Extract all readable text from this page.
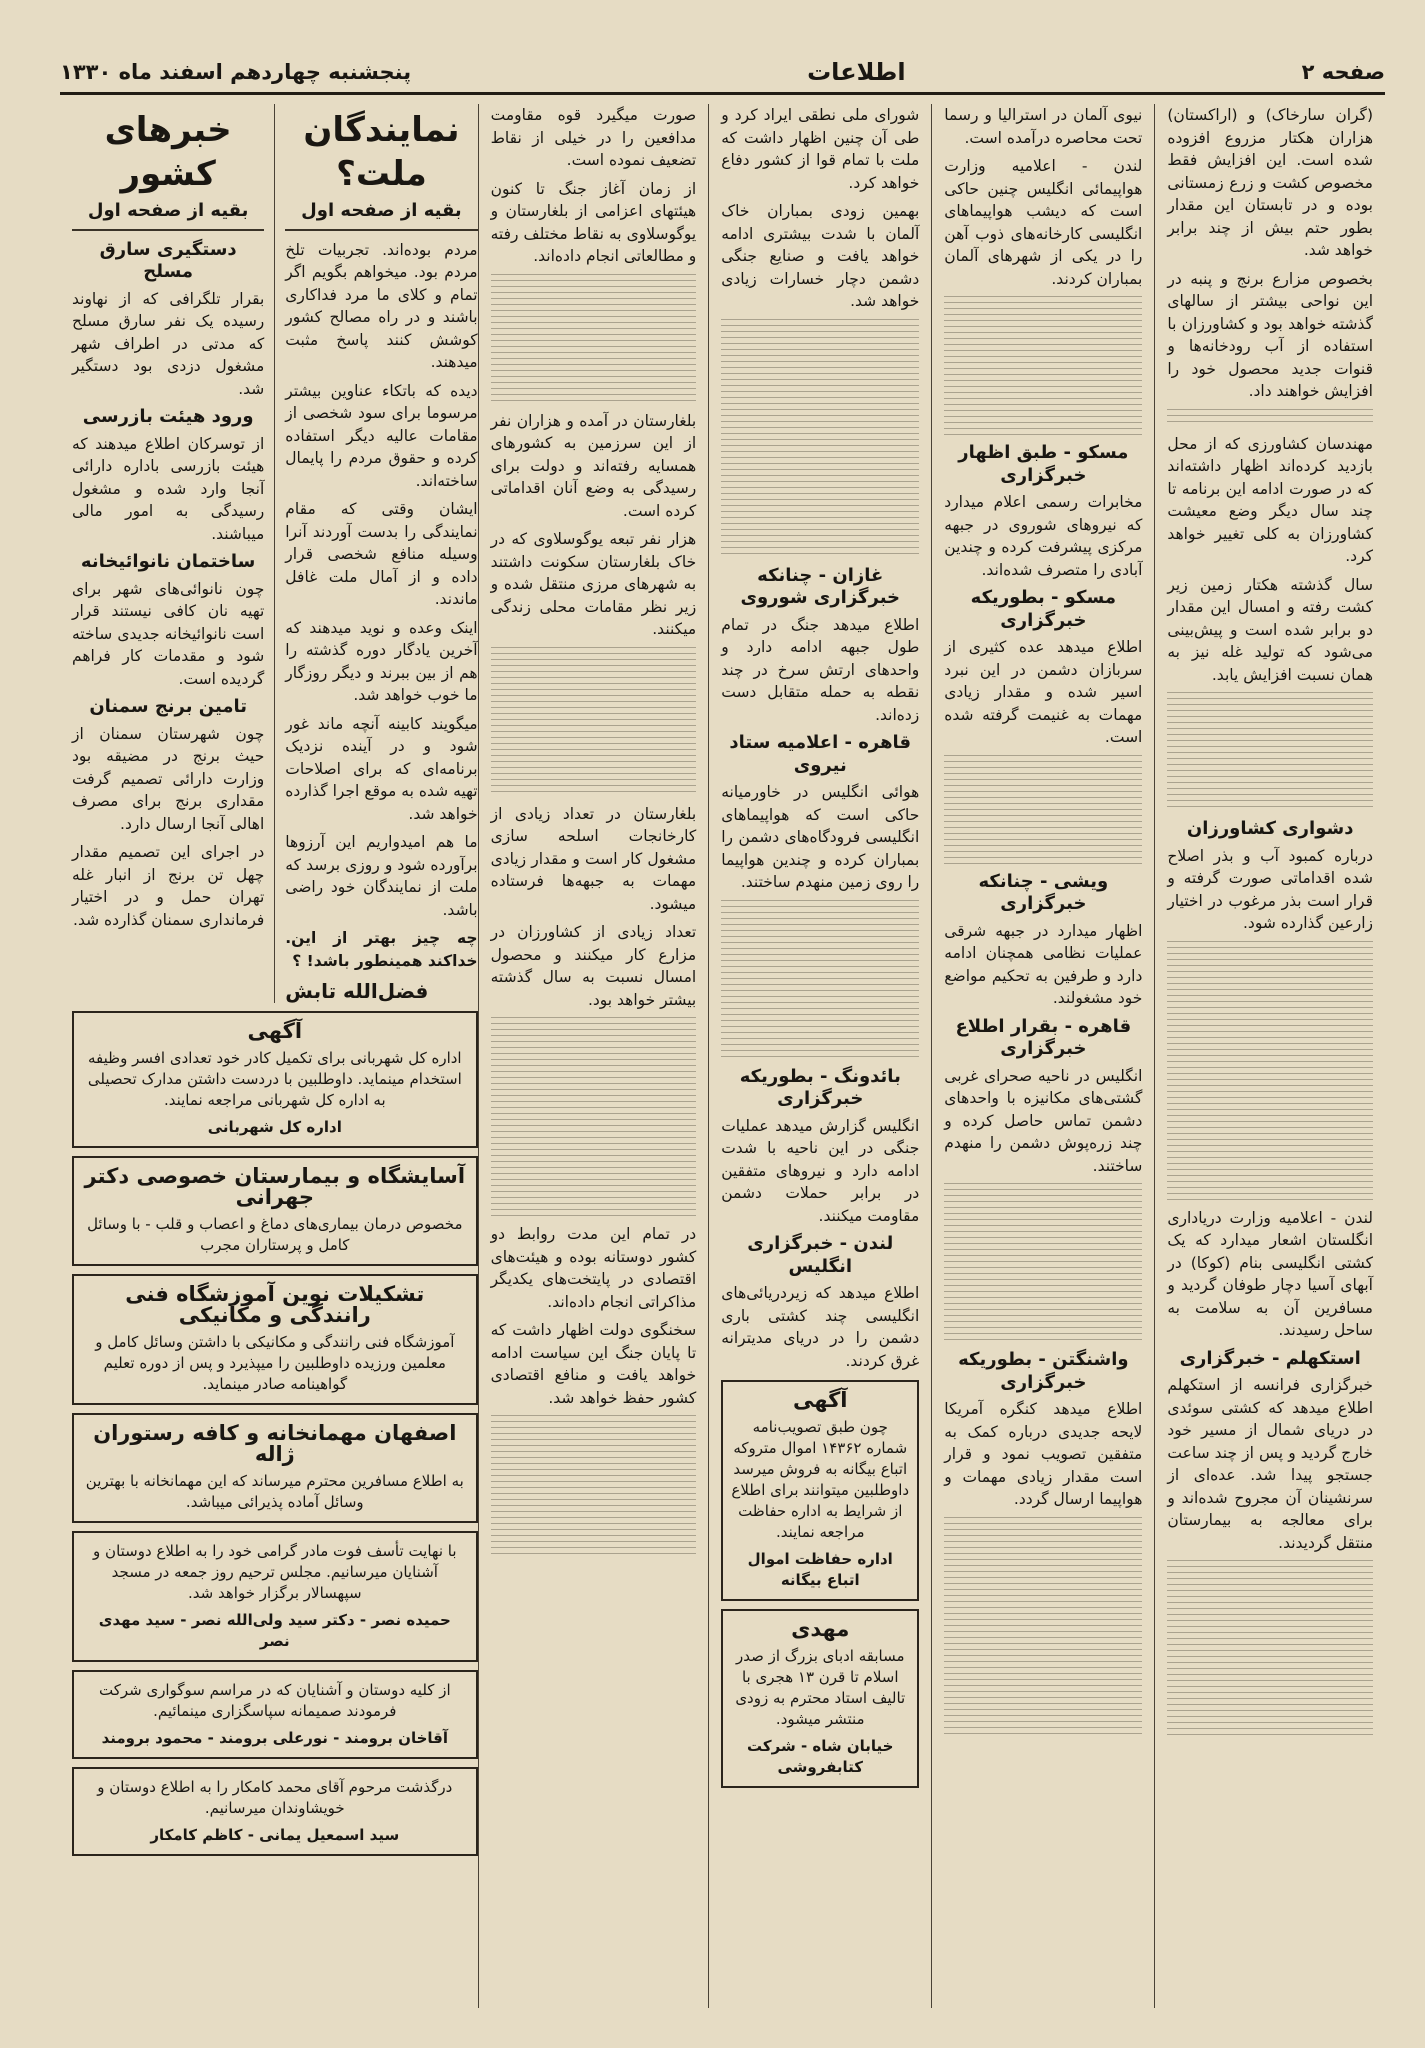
صفحه ۲
اطلاعات
پنجشنبه چهاردهم اسفند ماه ۱۳۳۰

(گران سارخاک) و (اراکستان) هزاران هکتار مزروع افزوده شده است. این افزایش فقط مخصوص کشت و زرع زمستانی بوده و در تابستان این مقدار بطور حتم بیش از چند برابر خواهد شد.

بخصوص مزارع برنج و پنبه در این نواحی بیشتر از سالهای گذشته خواهد بود و کشاورزان با استفاده از آب رودخانه‌ها و قنوات جدید محصول خود را افزایش خواهند داد.

مهندسان کشاورزی که از محل بازدید کرده‌اند اظهار داشته‌اند که در صورت ادامه این برنامه تا چند سال دیگر وضع معیشت کشاورزان به کلی تغییر خواهد کرد.

سال گذشته هکتار زمین زیر کشت رفته و امسال این مقدار دو برابر شده است و پیش‌بینی می‌شود که تولید غله نیز به همان نسبت افزایش یابد.

دشواری کشاورزان

درباره کمبود آب و بذر اصلاح شده اقداماتی صورت گرفته و قرار است بذر مرغوب در اختیار زارعین گذارده شود.

لندن - اعلامیه وزارت دریاداری انگلستان اشعار میدارد که یک کشتی انگلیسی بنام (کوکا) در آبهای آسیا دچار طوفان گردید و مسافرین آن به سلامت به ساحل رسیدند.

استکهلم - خبرگزاری

خبرگزاری فرانسه از استکهلم اطلاع میدهد که کشتی سوئدی در دریای شمال از مسیر خود خارج گردید و پس از چند ساعت جستجو پیدا شد. عده‌ای از سرنشینان آن مجروح شده‌اند و برای معالجه به بیمارستان منتقل گردیدند.

نیوی آلمان در استرالیا و رسما تحت محاصره درآمده است.

لندن - اعلامیه وزارت هواپیمائی انگلیس چنین حاکی است که دیشب هواپیماهای انگلیسی کارخانه‌های ذوب آهن را در یکی از شهرهای آلمان بمباران کردند.

مسکو - طبق اظهار خبرگزاری

مخابرات رسمی اعلام میدارد که نیروهای شوروی در جبهه مرکزی پیشرفت کرده و چندین آبادی را متصرف شده‌اند.

مسکو - بطوریکه خبرگزاری

اطلاع میدهد عده کثیری از سربازان دشمن در این نبرد اسیر شده و مقدار زیادی مهمات به غنیمت گرفته شده است.

ویشی - چنانکه خبرگزاری

اظهار میدارد در جبهه شرقی عملیات نظامی همچنان ادامه دارد و طرفین به تحکیم مواضع خود مشغولند.

قاهره - بقرار اطلاع خبرگزاری

انگلیس در ناحیه صحرای غربی گشتی‌های مکانیزه با واحدهای دشمن تماس حاصل کرده و چند زره‌پوش دشمن را منهدم ساختند.

واشنگتن - بطوریکه خبرگزاری

اطلاع میدهد کنگره آمریکا لایحه جدیدی درباره کمک به متفقین تصویب نمود و قرار است مقدار زیادی مهمات و هواپیما ارسال گردد.

شورای ملی نطقی ایراد کرد و طی آن چنین اظهار داشت که ملت با تمام قوا از کشور دفاع خواهد کرد.

بهمین زودی بمباران خاک آلمان با شدت بیشتری ادامه خواهد یافت و صنایع جنگی دشمن دچار خسارات زیادی خواهد شد.

غازان - چنانکه خبرگزاری شوروی

اطلاع میدهد جنگ در تمام طول جبهه ادامه دارد و واحدهای ارتش سرخ در چند نقطه به حمله متقابل دست زده‌اند.

قاهره - اعلامیه ستاد نیروی

هوائی انگلیس در خاورمیانه حاکی است که هواپیماهای انگلیسی فرودگاه‌های دشمن را بمباران کرده و چندین هواپیما را روی زمین منهدم ساختند.

بائدونگ - بطوریکه خبرگزاری

انگلیس گزارش میدهد عملیات جنگی در این ناحیه با شدت ادامه دارد و نیروهای متفقین در برابر حملات دشمن مقاومت میکنند.

لندن - خبرگزاری انگلیس

اطلاع میدهد که زیردریائی‌های انگلیسی چند کشتی باری دشمن را در دریای مدیترانه غرق کردند.

آگهی
چون طبق تصویب‌نامه شماره ۱۴۳۶۲ اموال متروکه اتباع بیگانه به فروش میرسد داوطلبین میتوانند برای اطلاع از شرایط به اداره حفاظت مراجعه نمایند.
اداره حفاظت اموال اتباع بیگانه
مهدی
مسابقه ادبای بزرگ از صدر اسلام تا قرن ۱۳ هجری با تالیف استاد محترم به زودی منتشر میشود.
خیابان شاه - شرکت کتابفروشی

صورت میگیرد قوه مقاومت مدافعین را در خیلی از نقاط تضعیف نموده است.

از زمان آغاز جنگ تا کنون هیئتهای اعزامی از بلغارستان و یوگوسلاوی به نقاط مختلف رفته و مطالعاتی انجام داده‌اند.

بلغارستان در آمده و هزاران نفر از این سرزمین به کشورهای همسایه رفته‌اند و دولت برای رسیدگی به وضع آنان اقداماتی کرده است.

هزار نفر تبعه یوگوسلاوی که در خاک بلغارستان سکونت داشتند به شهرهای مرزی منتقل شده و زیر نظر مقامات محلی زندگی میکنند.

بلغارستان در تعداد زیادی از کارخانجات اسلحه سازی مشغول کار است و مقدار زیادی مهمات به جبهه‌ها فرستاده میشود.

تعداد زیادی از کشاورزان در مزارع کار میکنند و محصول امسال نسبت به سال گذشته بیشتر خواهد بود.

در تمام این مدت روابط دو کشور دوستانه بوده و هیئت‌های اقتصادی در پایتخت‌های یکدیگر مذاکراتی انجام داده‌اند.

سخنگوی دولت اظهار داشت که تا پایان جنگ این سیاست ادامه خواهد یافت و منافع اقتصادی کشور حفظ خواهد شد.

نمایندگان ملت؟
بقیه از صفحه اول

مردم بوده‌اند. تجربیات تلخ مردم بود. میخواهم بگویم اگر تمام و کلای ما مرد فداکاری باشند و در راه مصالح کشور کوشش کنند پاسخ مثبت میدهند.

دیده که باتکاء عناوین بیشتر مرسوما برای سود شخصی از مقامات عالیه دیگر استفاده کرده و حقوق مردم را پایمال ساخته‌اند.

ایشان وقتی که مقام نمایندگی را بدست آوردند آنرا وسیله منافع شخصی قرار داده و از آمال ملت غافل ماندند.

اینک وعده و نوید میدهند که آخرین یادگار دوره گذشته را هم از بین ببرند و دیگر روزگار ما خوب خواهد شد.

میگویند کابینه آنچه ماند غور شود و در آینده نزدیک برنامه‌ای که برای اصلاحات تهیه شده به موقع اجرا گذارده خواهد شد.

ما هم امیدواریم این آرزوها برآورده شود و روزی برسد که ملت از نمایندگان خود راضی باشد.

چه چیز بهتر از این. خداکند همینطور باشد! ؟

فضل‌الله تابش
خبرهای کشور
بقیه از صفحه اول
دستگیری سارق مسلح

بقرار تلگرافی که از نهاوند رسیده یک نفر سارق مسلح که مدتی در اطراف شهر مشغول دزدی بود دستگیر شد.

ورود هیئت بازرسی

از توسرکان اطلاع میدهند که هیئت بازرسی باداره دارائی آنجا وارد شده و مشغول رسیدگی به امور مالی میباشند.

ساختمان نانوائیخانه

چون نانوائی‌های شهر برای تهیه نان کافی نیستند قرار است نانوائیخانه جدیدی ساخته شود و مقدمات کار فراهم گردیده است.

تامین برنج سمنان

چون شهرستان سمنان از حیث برنج در مضیقه بود وزارت دارائی تصمیم گرفت مقداری برنج برای مصرف اهالی آنجا ارسال دارد.

در اجرای این تصمیم مقدار چهل تن برنج از انبار غله تهران حمل و در اختیار فرمانداری سمنان گذارده شد.

آگهی
اداره کل شهربانی برای تکمیل کادر خود تعدادی افسر وظیفه استخدام مینماید. داوطلبین با دردست داشتن مدارک تحصیلی به اداره کل شهربانی مراجعه نمایند.
اداره کل شهربانی
آسایشگاه و بیمارستان خصوصی دکتر جهرانی
مخصوص درمان بیماری‌های دماغ و اعصاب و قلب - با وسائل کامل و پرستاران مجرب
تشکیلات نوین آموزشگاه فنی رانندگی و مکانیکی
آموزشگاه فنی رانندگی و مکانیکی با داشتن وسائل کامل و معلمین ورزیده داوطلبین را میپذیرد و پس از دوره تعلیم گواهینامه صادر مینماید.
اصفهان مهمانخانه و کافه رستوران ژاله
به اطلاع مسافرین محترم میرساند که این مهمانخانه با بهترین وسائل آماده پذیرائی میباشد.
با نهایت تأسف فوت مادر گرامی خود را به اطلاع دوستان و آشنایان میرسانیم. مجلس ترحیم روز جمعه در مسجد سپهسالار برگزار خواهد شد.
حمیده نصر - دکتر سید ولی‌الله نصر - سید مهدی نصر
از کلیه دوستان و آشنایان که در مراسم سوگواری شرکت فرمودند صمیمانه سپاسگزاری مینمائیم.
آقاخان برومند - نورعلی برومند - محمود برومند
درگذشت مرحوم آقای محمد کامکار را به اطلاع دوستان و خویشاوندان میرسانیم.
سید اسمعیل یمانی - کاظم کامکار
